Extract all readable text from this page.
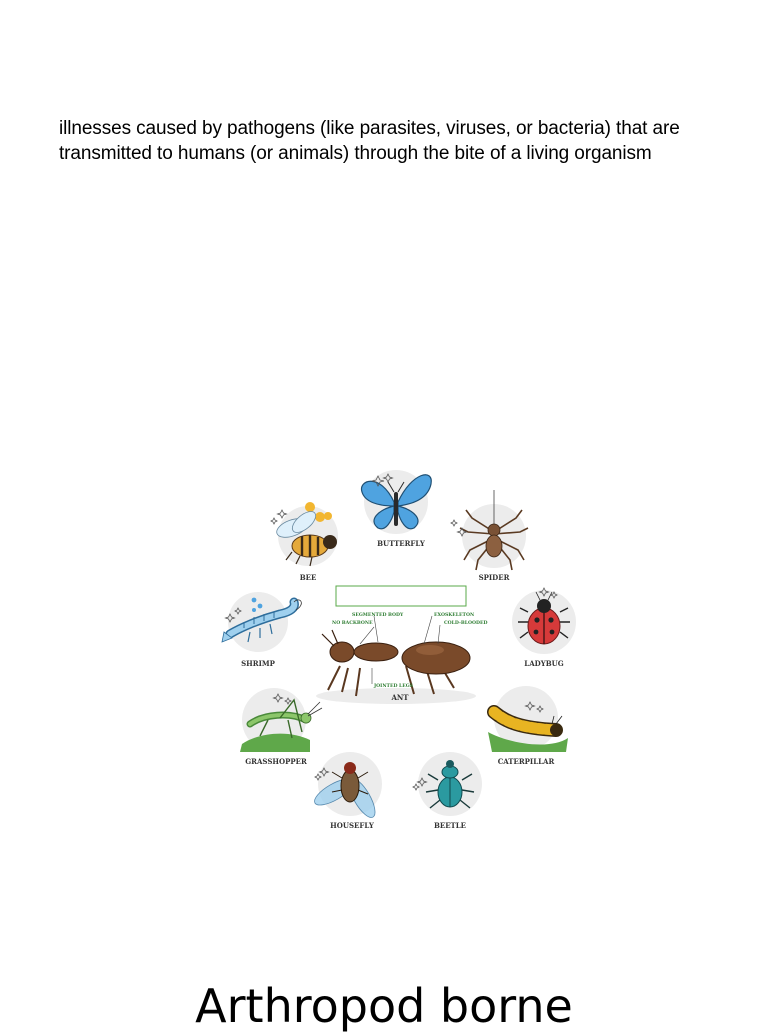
illnesses caused by pathogens (like parasites, viruses, or bacteria) that are transmitted to humans (or animals) through the bite of a living organism
BUTTERFLY
BEE	SPIDER
SHRIMP	LADYBUG
SEGMENTED BODY
NO BACKBONE
EXOSKELETON
COLD-BLOODED
JOINTED LEGS
ANT
GRASSHOPPER	CATERPILLAR
HOUSEFLY	BEETLE
Arthropod borne
